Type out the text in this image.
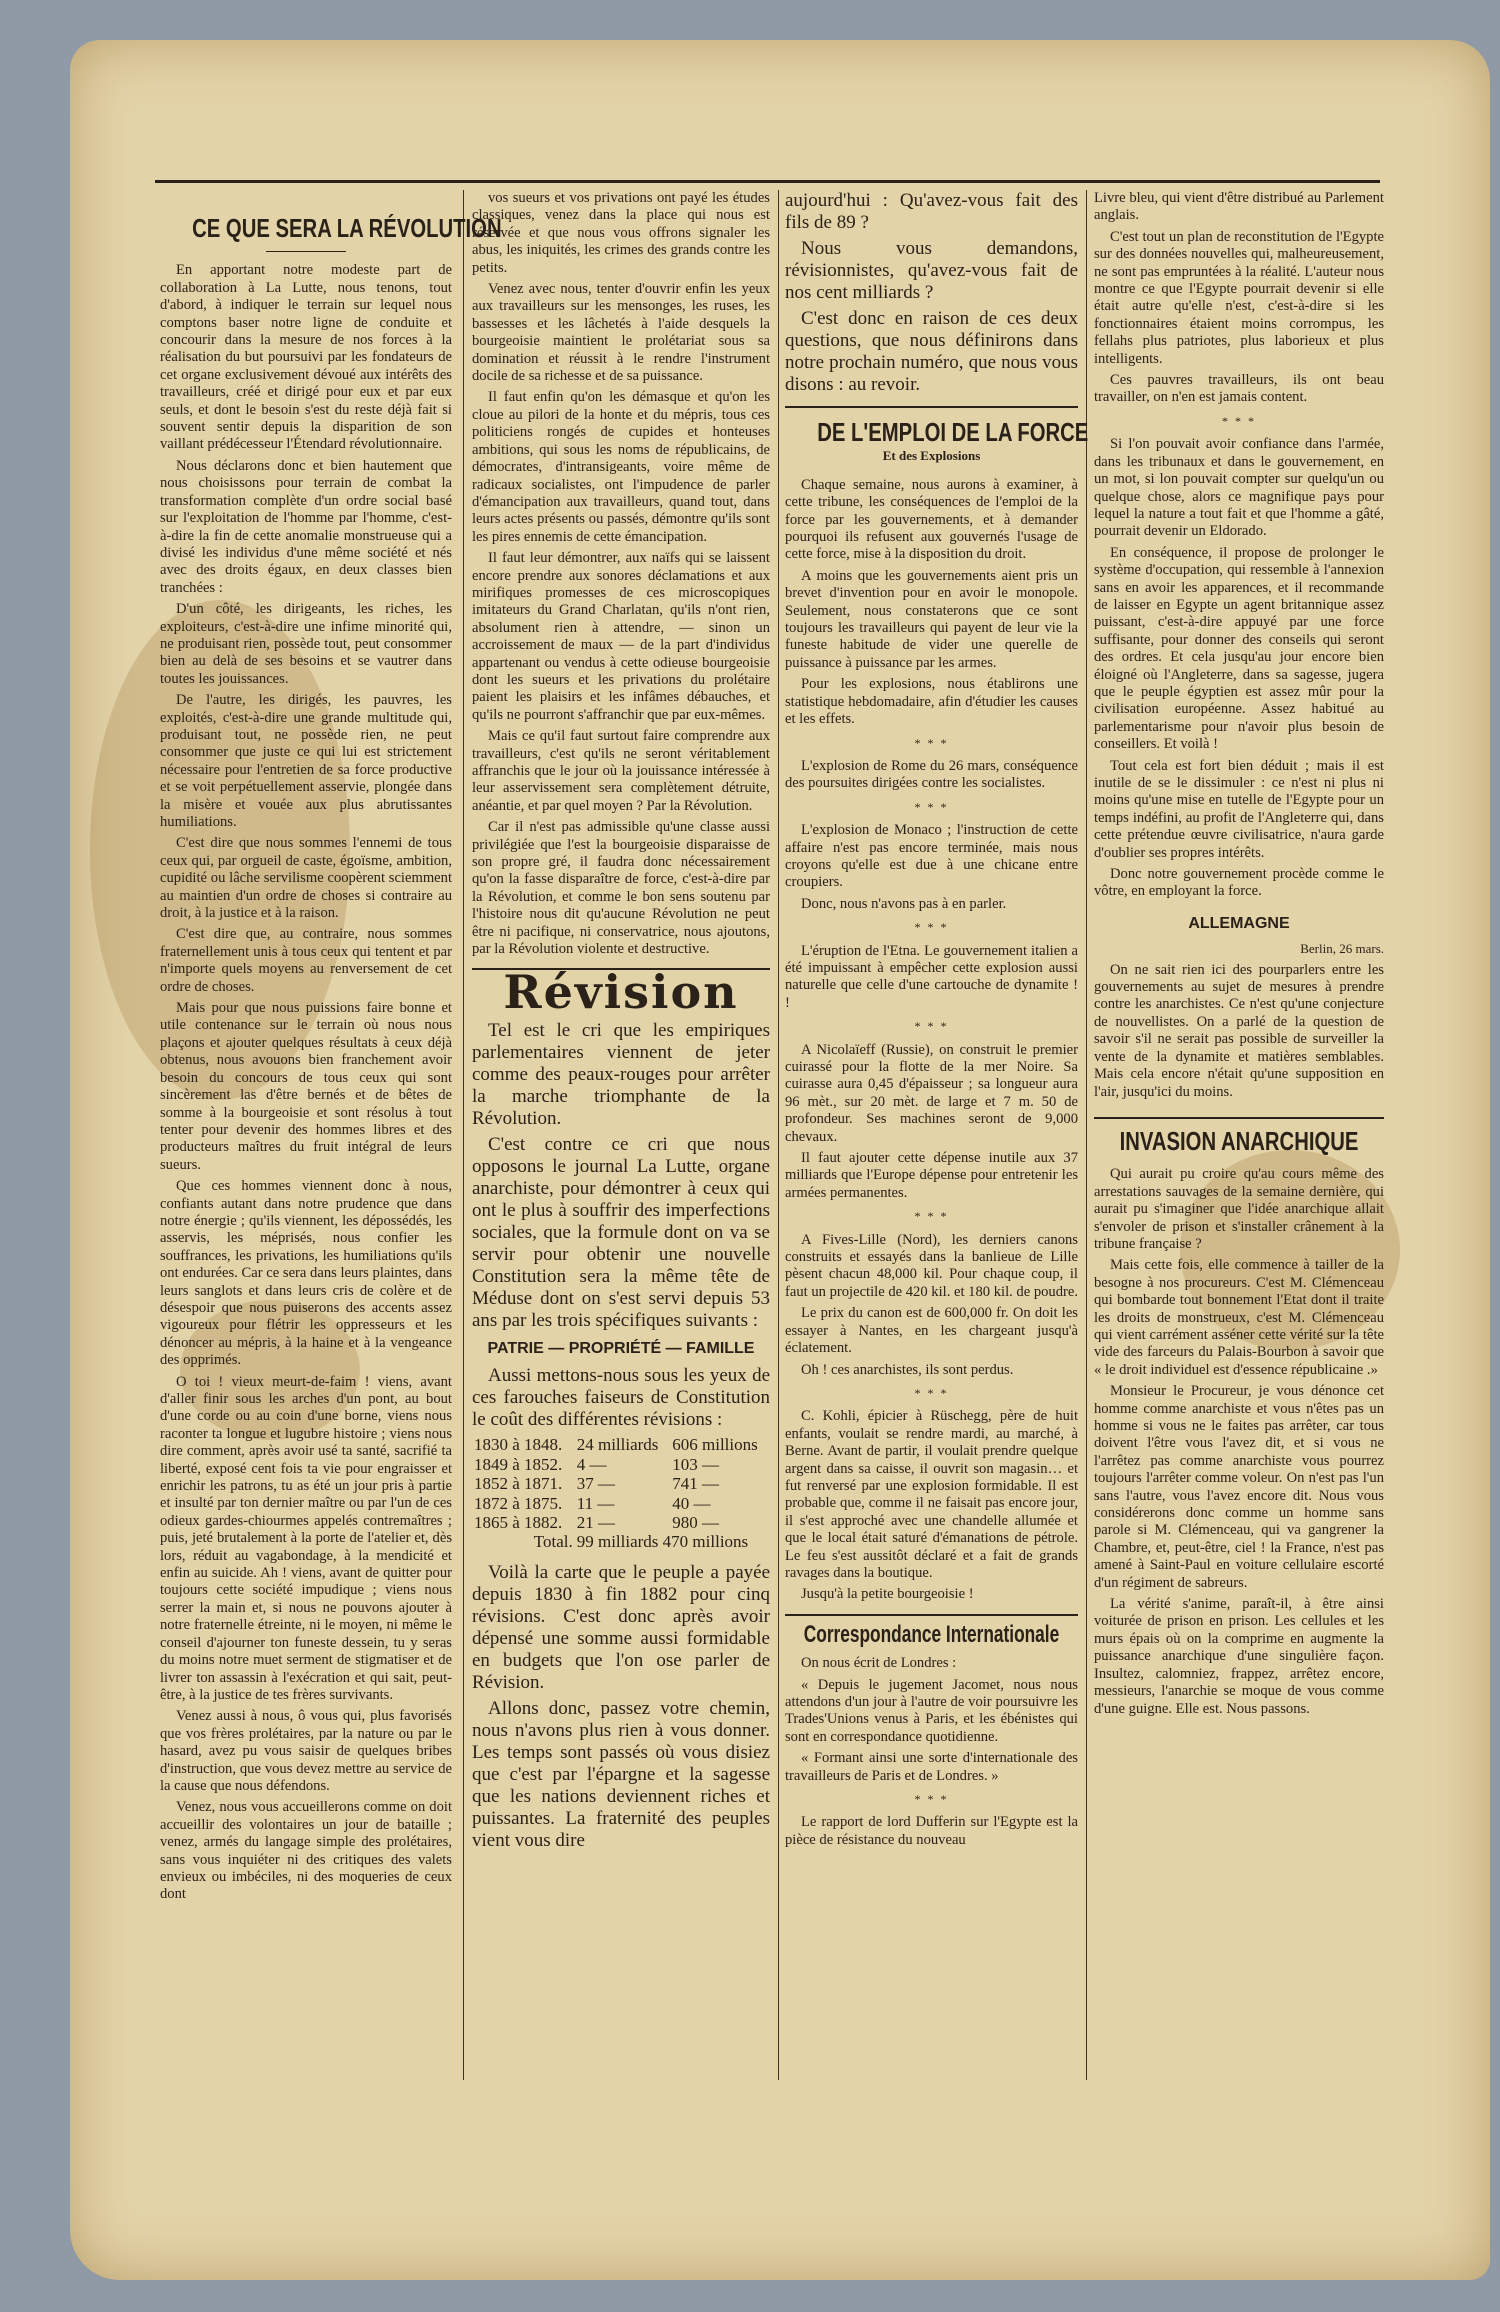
CE QUE SERA LA RÉVOLUTION

En apportant notre modeste part de collaboration à La Lutte, nous tenons, tout d'abord, à indiquer le terrain sur lequel nous comptons baser notre ligne de conduite et concourir dans la mesure de nos forces à la réalisation du but poursuivi par les fondateurs de cet organe exclusivement dévoué aux intérêts des travailleurs, créé et dirigé pour eux et par eux seuls, et dont le besoin s'est du reste déjà fait si souvent sentir depuis la disparition de son vaillant prédécesseur l'Étendard révolutionnaire.

Nous déclarons donc et bien hautement que nous choisissons pour terrain de combat la transformation complète d'un ordre social basé sur l'exploitation de l'homme par l'homme, c'est-à-dire la fin de cette anomalie monstrueuse qui a divisé les individus d'une même société et nés avec des droits égaux, en deux classes bien tranchées :

D'un côté, les dirigeants, les riches, les exploiteurs, c'est-à-dire une infime minorité qui, ne produisant rien, possède tout, peut consommer bien au delà de ses besoins et se vautrer dans toutes les jouissances.

De l'autre, les dirigés, les pauvres, les exploités, c'est-à-dire une grande multitude qui, produisant tout, ne possède rien, ne peut consommer que juste ce qui lui est strictement nécessaire pour l'entretien de sa force productive et se voit perpétuellement asservie, plongée dans la misère et vouée aux plus abrutissantes humiliations.

C'est dire que nous sommes l'ennemi de tous ceux qui, par orgueil de caste, égoïsme, ambition, cupidité ou lâche servilisme coopèrent sciemment au maintien d'un ordre de choses si contraire au droit, à la justice et à la raison.

C'est dire que, au contraire, nous sommes fraternellement unis à tous ceux qui tentent et par n'importe quels moyens au renversement de cet ordre de choses.

Mais pour que nous puissions faire bonne et utile contenance sur le terrain où nous nous plaçons et ajouter quelques résultats à ceux déjà obtenus, nous avouons bien franchement avoir besoin du concours de tous ceux qui sont sincèrement las d'être bernés et de bêtes de somme à la bourgeoisie et sont résolus à tout tenter pour devenir des hommes libres et des producteurs maîtres du fruit intégral de leurs sueurs.

Que ces hommes viennent donc à nous, confiants autant dans notre prudence que dans notre énergie ; qu'ils viennent, les dépossédés, les asservis, les méprisés, nous confier les souffrances, les privations, les humiliations qu'ils ont endurées. Car ce sera dans leurs plaintes, dans leurs sanglots et dans leurs cris de colère et de désespoir que nous puiserons des accents assez vigoureux pour flétrir les oppresseurs et les dénoncer au mépris, à la haine et à la vengeance des opprimés.

O toi ! vieux meurt-de-faim ! viens, avant d'aller finir sous les arches d'un pont, au bout d'une corde ou au coin d'une borne, viens nous raconter ta longue et lugubre histoire ; viens nous dire comment, après avoir usé ta santé, sacrifié ta liberté, exposé cent fois ta vie pour engraisser et enrichir les patrons, tu as été un jour pris à partie et insulté par ton dernier maître ou par l'un de ces odieux gardes-chiourmes appelés contremaîtres ; puis, jeté brutalement à la porte de l'atelier et, dès lors, réduit au vagabondage, à la mendicité et enfin au suicide. Ah ! viens, avant de quitter pour toujours cette société impudique ; viens nous serrer la main et, si nous ne pouvons ajouter à notre fraternelle étreinte, ni le moyen, ni même le conseil d'ajourner ton funeste dessein, tu y seras du moins notre muet serment de stigmatiser et de livrer ton assassin à l'exécration et qui sait, peut-être, à la justice de tes frères survivants.

Venez aussi à nous, ô vous qui, plus favorisés que vos frères prolétaires, par la nature ou par le hasard, avez pu vous saisir de quelques bribes d'instruction, que vous devez mettre au service de la cause que nous défendons.

Venez, nous vous accueillerons comme on doit accueillir des volontaires un jour de bataille ; venez, armés du langage simple des prolétaires, sans vous inquiéter ni des critiques des valets envieux ou imbéciles, ni des moqueries de ceux dont

vos sueurs et vos privations ont payé les études classiques, venez dans la place qui nous est réservée et que nous vous offrons signaler les abus, les iniquités, les crimes des grands contre les petits.

Venez avec nous, tenter d'ouvrir enfin les yeux aux travailleurs sur les mensonges, les ruses, les bassesses et les lâchetés à l'aide desquels la bourgeoisie maintient le prolétariat sous sa domination et réussit à le rendre l'instrument docile de sa richesse et de sa puissance.

Il faut enfin qu'on les démasque et qu'on les cloue au pilori de la honte et du mépris, tous ces politiciens rongés de cupides et honteuses ambitions, qui sous les noms de républicains, de démocrates, d'intransigeants, voire même de radicaux socialistes, ont l'impudence de parler d'émancipation aux travailleurs, quand tout, dans leurs actes présents ou passés, démontre qu'ils sont les pires ennemis de cette émancipation.

Il faut leur démontrer, aux naïfs qui se laissent encore prendre aux sonores déclamations et aux mirifiques promesses de ces microscopiques imitateurs du Grand Charlatan, qu'ils n'ont rien, absolument rien à attendre, — sinon un accroissement de maux — de la part d'individus appartenant ou vendus à cette odieuse bourgeoisie dont les sueurs et les privations du prolétaire paient les plaisirs et les infâmes débauches, et qu'ils ne pourront s'affranchir que par eux-mêmes.

Mais ce qu'il faut surtout faire comprendre aux travailleurs, c'est qu'ils ne seront véritablement affranchis que le jour où la jouissance intéressée à leur asservissement sera complètement détruite, anéantie, et par quel moyen ? Par la Révolution.

Car il n'est pas admissible qu'une classe aussi privilégiée que l'est la bourgeoisie disparaisse de son propre gré, il faudra donc nécessairement qu'on la fasse disparaître de force, c'est-à-dire par la Révolution, et comme le bon sens soutenu par l'histoire nous dit qu'aucune Révolution ne peut être ni pacifique, ni conservatrice, nous ajoutons, par la Révolution violente et destructive.

Révision

Tel est le cri que les empiriques parlementaires viennent de jeter comme des peaux-rouges pour arrêter la marche triomphante de la Révolution.

C'est contre ce cri que nous opposons le journal La Lutte, organe anarchiste, pour démontrer à ceux qui ont le plus à souffrir des imperfections sociales, que la formule dont on va se servir pour obtenir une nouvelle Constitution sera la même tête de Méduse dont on s'est servi depuis 53 ans par les trois spécifiques suivants :

PATRIE — PROPRIÉTÉ — FAMILLE

Aussi mettons-nous sous les yeux de ces farouches faiseurs de Constitution le coût des différentes révisions :

1830 à 1848.	24 milliards	606 millions
1849 à 1852.	4 —	103 —
1852 à 1871.	37 —	741 —
1872 à 1875.	11 —	40 —
1865 à 1882.	21 —	980 —
Total.	99 milliards 470 millions	

Voilà la carte que le peuple a payée depuis 1830 à fin 1882 pour cinq révisions. C'est donc après avoir dépensé une somme aussi formidable en budgets que l'on ose parler de Révision.

Allons donc, passez votre chemin, nous n'avons plus rien à vous donner. Les temps sont passés où vous disiez que c'est par l'épargne et la sagesse que les nations deviennent riches et puissantes. La fraternité des peuples vient vous dire

aujourd'hui : Qu'avez-vous fait des fils de 89 ?

Nous vous demandons, révisionnistes, qu'avez-vous fait de nos cent milliards ?

C'est donc en raison de ces deux questions, que nous définirons dans notre prochain numéro, que nous vous disons : au revoir.

DE L'EMPLOI DE LA FORCE
Et des Explosions

Chaque semaine, nous aurons à examiner, à cette tribune, les conséquences de l'emploi de la force par les gouvernements, et à demander pourquoi ils refusent aux gouvernés l'usage de cette force, mise à la disposition du droit.

A moins que les gouvernements aient pris un brevet d'invention pour en avoir le monopole. Seulement, nous constaterons que ce sont toujours les travailleurs qui payent de leur vie la funeste habitude de vider une querelle de puissance à puissance par les armes.

Pour les explosions, nous établirons une statistique hebdomadaire, afin d'étudier les causes et les effets.

* * *

L'explosion de Rome du 26 mars, conséquence des poursuites dirigées contre les socialistes.

* * *

L'explosion de Monaco ; l'instruction de cette affaire n'est pas encore terminée, mais nous croyons qu'elle est due à une chicane entre croupiers.

Donc, nous n'avons pas à en parler.

* * *

L'éruption de l'Etna. Le gouvernement italien a été impuissant à empêcher cette explosion aussi naturelle que celle d'une cartouche de dynamite ! !

* * *

A Nicolaïeff (Russie), on construit le premier cuirassé pour la flotte de la mer Noire. Sa cuirasse aura 0,45 d'épaisseur ; sa longueur aura 96 mèt., sur 20 mèt. de large et 7 m. 50 de profondeur. Ses machines seront de 9,000 chevaux.

Il faut ajouter cette dépense inutile aux 37 milliards que l'Europe dépense pour entretenir les armées permanentes.

* * *

A Fives-Lille (Nord), les derniers canons construits et essayés dans la banlieue de Lille pèsent chacun 48,000 kil. Pour chaque coup, il faut un projectile de 420 kil. et 180 kil. de poudre.

Le prix du canon est de 600,000 fr. On doit les essayer à Nantes, en les chargeant jusqu'à éclatement.

Oh ! ces anarchistes, ils sont perdus.

* * *

C. Kohli, épicier à Rüschegg, père de huit enfants, voulait se rendre mardi, au marché, à Berne. Avant de partir, il voulait prendre quelque argent dans sa caisse, il ouvrit son magasin… et fut renversé par une explosion formidable. Il est probable que, comme il ne faisait pas encore jour, il s'est approché avec une chandelle allumée et que le local était saturé d'émanations de pétrole. Le feu s'est aussitôt déclaré et a fait de grands ravages dans la boutique.

Jusqu'à la petite bourgeoisie !

Correspondance Internationale

On nous écrit de Londres :

« Depuis le jugement Jacomet, nous nous attendons d'un jour à l'autre de voir poursuivre les Trades'Unions venus à Paris, et les ébénistes qui sont en correspondance quotidienne.

« Formant ainsi une sorte d'internationale des travailleurs de Paris et de Londres. »

* * *

Le rapport de lord Dufferin sur l'Egypte est la pièce de résistance du nouveau

Livre bleu, qui vient d'être distribué au Parlement anglais.

C'est tout un plan de reconstitution de l'Egypte sur des données nouvelles qui, malheureusement, ne sont pas empruntées à la réalité. L'auteur nous montre ce que l'Egypte pourrait devenir si elle était autre qu'elle n'est, c'est-à-dire si les fonctionnaires étaient moins corrompus, les fellahs plus patriotes, plus laborieux et plus intelligents.

Ces pauvres travailleurs, ils ont beau travailler, on n'en est jamais content.

* * *

Si l'on pouvait avoir confiance dans l'armée, dans les tribunaux et dans le gouvernement, en un mot, si lon pouvait compter sur quelqu'un ou quelque chose, alors ce magnifique pays pour lequel la nature a tout fait et que l'homme a gâté, pourrait devenir un Eldorado.

En conséquence, il propose de prolonger le système d'occupation, qui ressemble à l'annexion sans en avoir les apparences, et il recommande de laisser en Egypte un agent britannique assez puissant, c'est-à-dire appuyé par une force suffisante, pour donner des conseils qui seront des ordres. Et cela jusqu'au jour encore bien éloigné où l'Angleterre, dans sa sagesse, jugera que le peuple égyptien est assez mûr pour la civilisation européenne. Assez habitué au parlementarisme pour n'avoir plus besoin de conseillers. Et voilà !

Tout cela est fort bien déduit ; mais il est inutile de se le dissimuler : ce n'est ni plus ni moins qu'une mise en tutelle de l'Egypte pour un temps indéfini, au profit de l'Angleterre qui, dans cette prétendue œuvre civilisatrice, n'aura garde d'oublier ses propres intérêts.

Donc notre gouvernement procède comme le vôtre, en employant la force.

ALLEMAGNE
Berlin, 26 mars.

On ne sait rien ici des pourparlers entre les gouvernements au sujet de mesures à prendre contre les anarchistes. Ce n'est qu'une conjecture de nouvellistes. On a parlé de la question de savoir s'il ne serait pas possible de surveiller la vente de la dynamite et matières semblables. Mais cela encore n'était qu'une supposition en l'air, jusqu'ici du moins.

INVASION ANARCHIQUE

Qui aurait pu croire qu'au cours même des arrestations sauvages de la semaine dernière, qui aurait pu s'imaginer que l'idée anarchique allait s'envoler de prison et s'installer crânement à la tribune française ?

Mais cette fois, elle commence à tailler de la besogne à nos procureurs. C'est M. Clémenceau qui bombarde tout bonnement l'Etat dont il traite les droits de monstrueux, c'est M. Clémenceau qui vient carrément asséner cette vérité sur la tête vide des farceurs du Palais-Bourbon à savoir que « le droit individuel est d'essence républicaine .»

Monsieur le Procureur, je vous dénonce cet homme comme anarchiste et vous n'êtes pas un homme si vous ne le faites pas arrêter, car tous doivent l'être vous l'avez dit, et si vous ne l'arrêtez pas comme anarchiste vous pourrez toujours l'arrêter comme voleur. On n'est pas l'un sans l'autre, vous l'avez encore dit. Nous vous considérerons donc comme un homme sans parole si M. Clémenceau, qui va gangrener la Chambre, et, peut-être, ciel ! la France, n'est pas amené à Saint-Paul en voiture cellulaire escorté d'un régiment de sabreurs.

La vérité s'anime, paraît-il, à être ainsi voiturée de prison en prison. Les cellules et les murs épais où on la comprime en augmente la puissance anarchique d'une singulière façon. Insultez, calomniez, frappez, arrêtez encore, messieurs, l'anarchie se moque de vous comme d'une guigne. Elle est. Nous passons.
